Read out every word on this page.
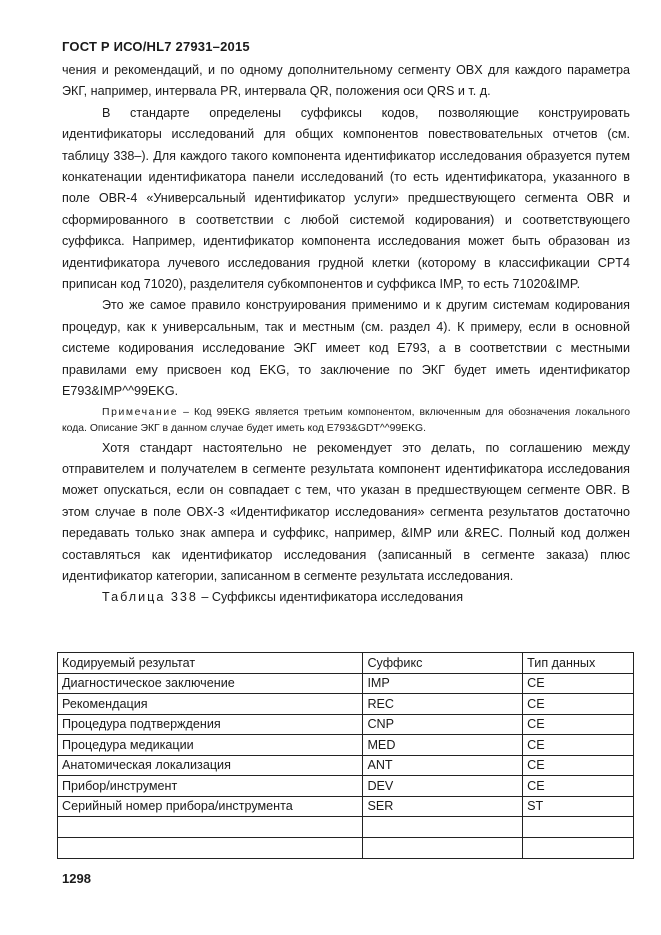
ГОСТ Р ИСО/HL7 27931–2015

чения и рекомендаций, и по одному дополнительному сегменту OBX для каждого параметра ЭКГ, например, интервала PR, интервала QR, положения оси QRS и т. д.

В стандарте определены суффиксы кодов, позволяющие конструировать идентификаторы исследований для общих компонентов повествовательных отчетов (см. таблицу 338–). Для каждого такого компонента идентификатор исследования образуется путем конкатенации идентификатора панели исследований (то есть идентификатора, указанного в поле OBR-4 «Универсальный идентификатор услуги» предшествующего сегмента OBR и сформированного в соответствии с любой системой кодирования) и соответствующего суффикса. Например, идентификатор компонента исследования может быть образован из идентификатора лучевого исследования грудной клетки (которому в классификации CPT4 приписан код 71020), разделителя субкомпонентов и суффикса IMP, то есть 71020&IMP.

Это же самое правило конструирования применимо и к другим системам кодирования процедур, как к универсальным, так и местным (см. раздел 4). К примеру, если в основной системе кодирования исследование ЭКГ имеет код E793, а в соответствии с местными правилами ему присвоен код EKG, то заключение по ЭКГ будет иметь идентификатор E793&IMP^^99EKG.

Примечание – Код 99EKG является третьим компонентом, включенным для обозначения локального кода. Описание ЭКГ в данном случае будет иметь код E793&GDT^^99EKG.

Хотя стандарт настоятельно не рекомендует это делать, по соглашению между отправителем и получателем в сегменте результата компонент идентификатора исследования может опускаться, если он совпадает с тем, что указан в предшествующем сегменте OBR. В этом случае в поле OBX-3 «Идентификатор исследования» сегмента результатов достаточно передавать только знак ампера и суффикс, например, &IMP или &REC. Полный код должен составляться как идентификатор исследования (записанный в сегменте заказа) плюс идентификатор категории, записанном в сегменте результата исследования.

Таблица 338 – Суффиксы идентификатора исследования

Кодируемый результат	Суффикс	Тип данных
Диагностическое заключение	IMP	CE
Рекомендация	REC	CE
Процедура подтверждения	CNP	CE
Процедура медикации	MED	CE
Анатомическая локализация	ANT	CE
Прибор/инструмент	DEV	CE
Серийный номер прибора/инструмента	SER	ST

1298
